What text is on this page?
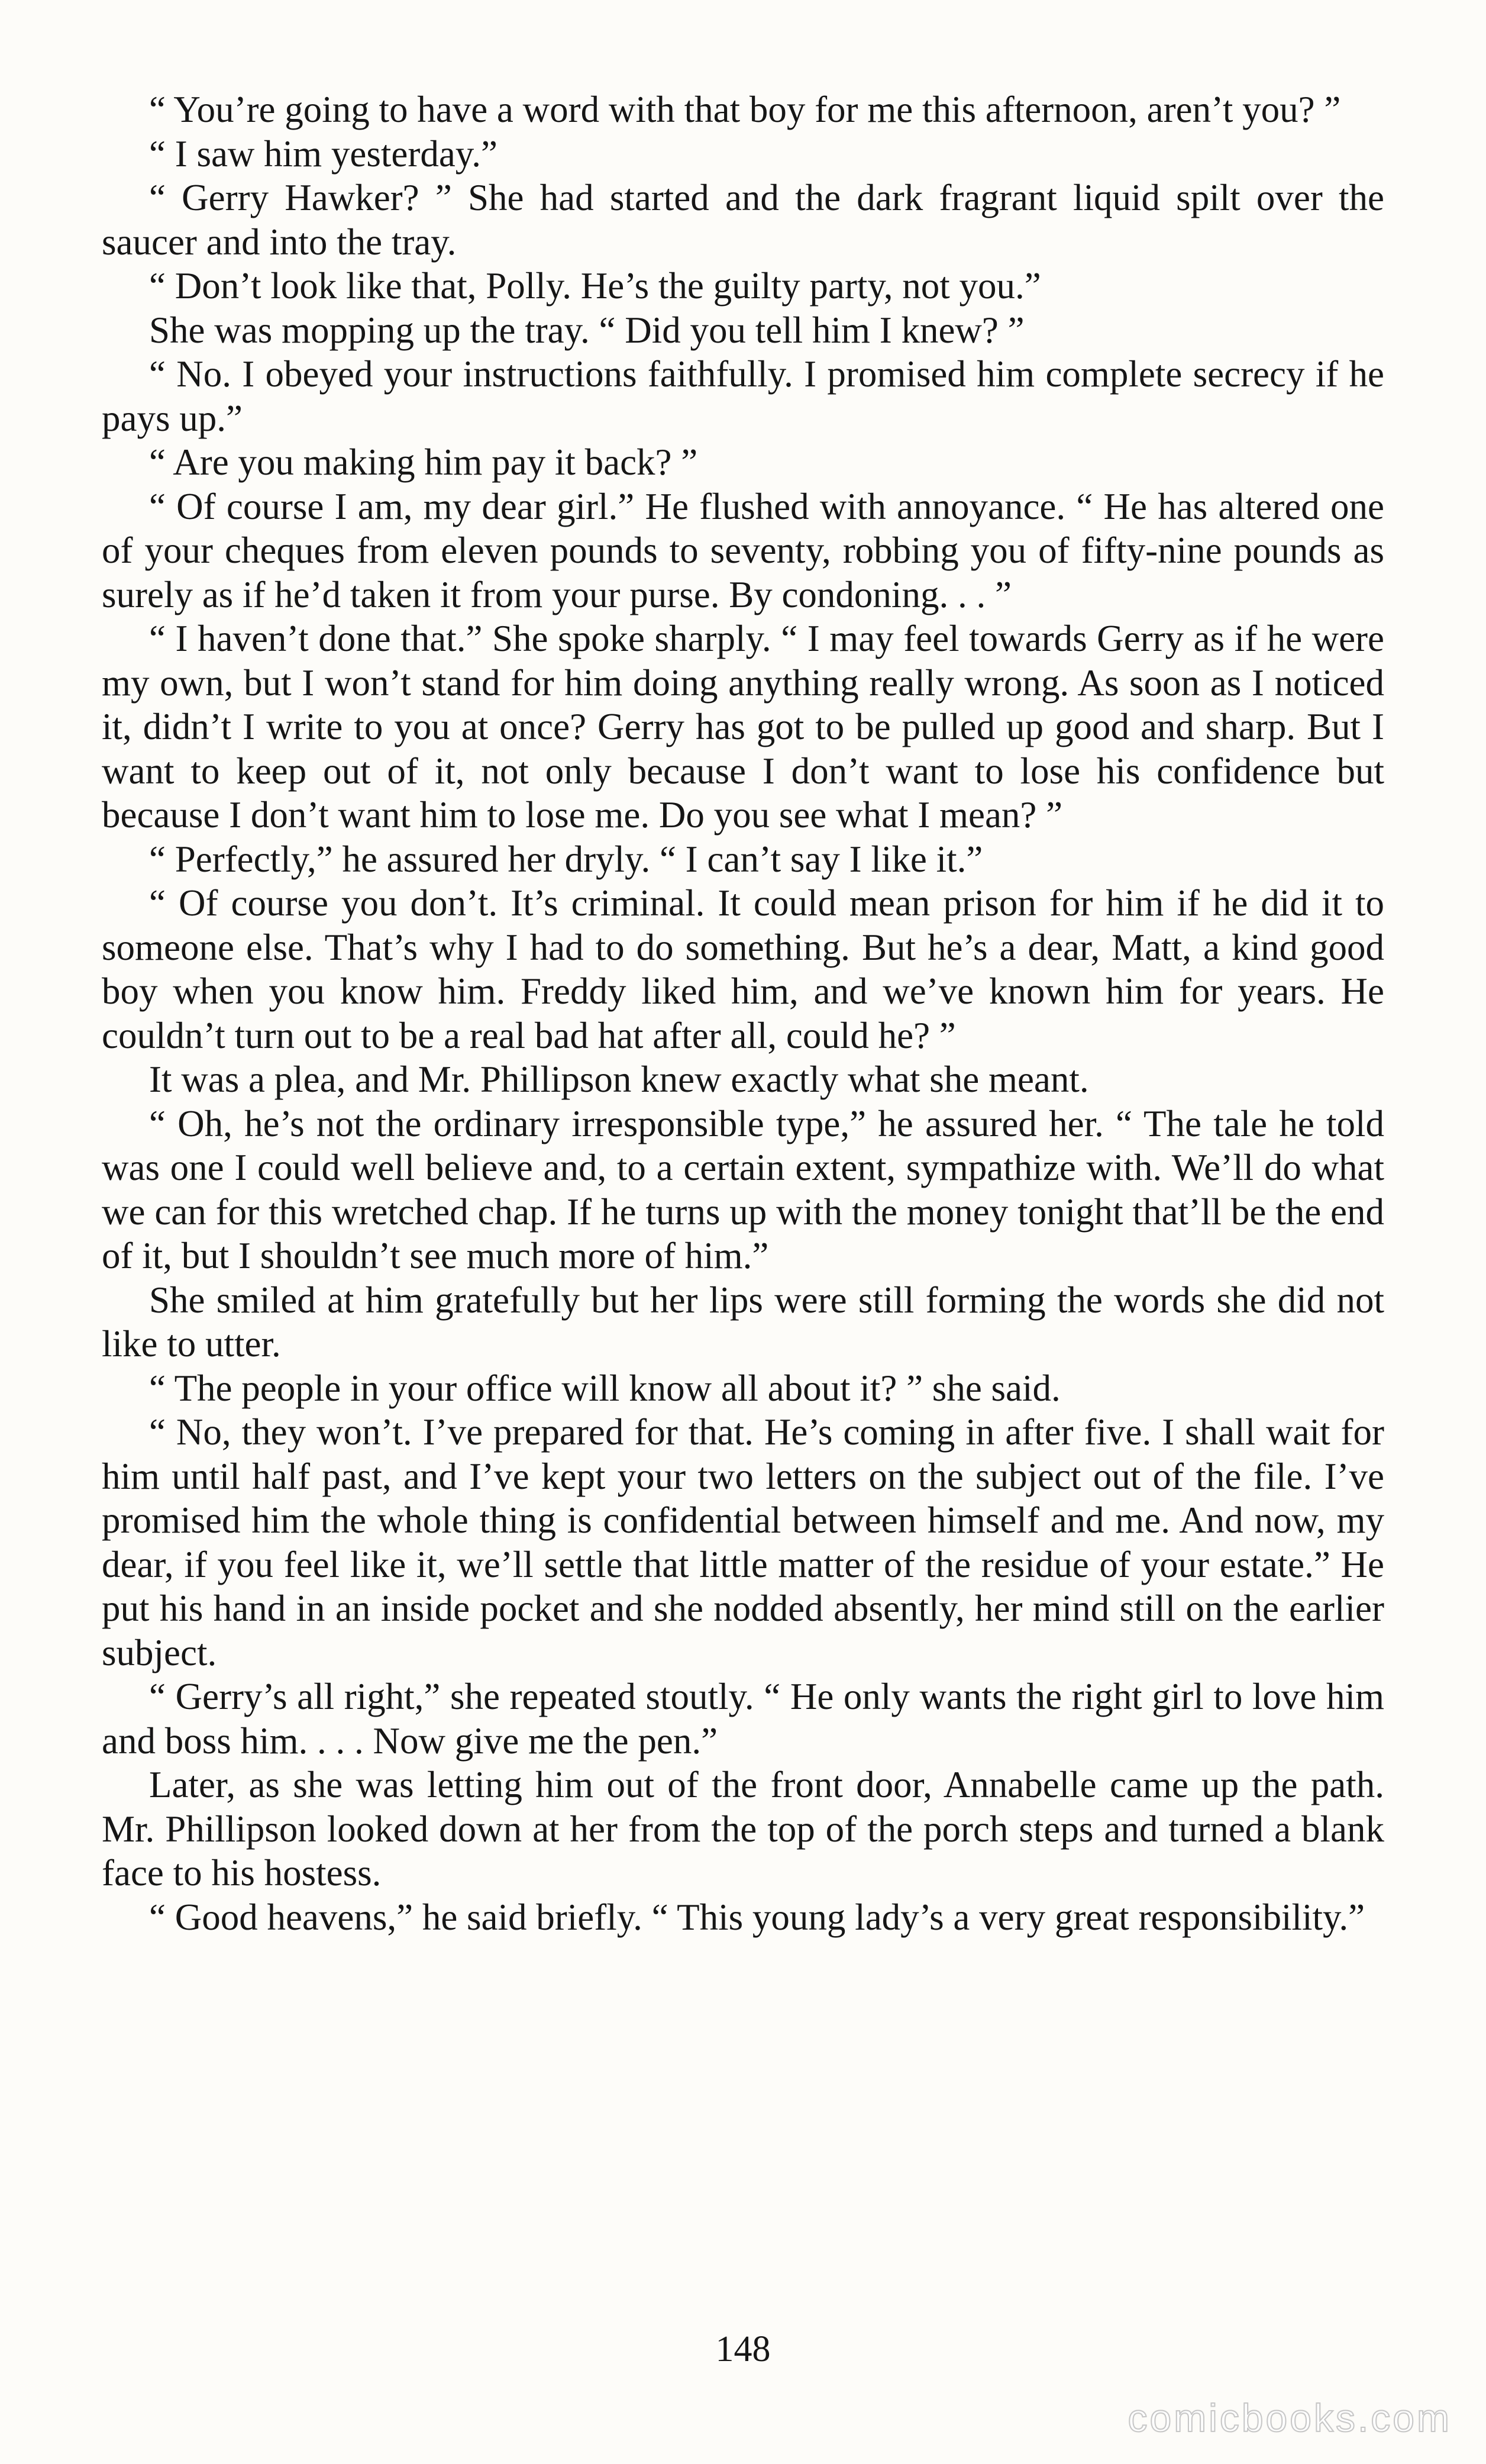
“ You’re going to have a word with that boy for me this afternoon, aren’t you? ”

“ I saw him yesterday.”

“ Gerry Hawker? ” She had started and the dark fragrant liquid spilt over the saucer and into the tray.

“ Don’t look like that, Polly. He’s the guilty party, not you.”

She was mopping up the tray. “ Did you tell him I knew? ”

“ No. I obeyed your instructions faithfully. I promised him complete secrecy if he pays up.”

“ Are you making him pay it back? ”

“ Of course I am, my dear girl.” He flushed with annoyance. “ He has altered one of your cheques from eleven pounds to seventy, robbing you of fifty-nine pounds as surely as if he’d taken it from your purse. By condoning. . . ”

“ I haven’t done that.” She spoke sharply. “ I may feel towards Gerry as if he were my own, but I won’t stand for him doing anything really wrong. As soon as I noticed it, didn’t I write to you at once? Gerry has got to be pulled up good and sharp. But I want to keep out of it, not only because I don’t want to lose his confidence but because I don’t want him to lose me. Do you see what I mean? ”

“ Perfectly,” he assured her dryly. “ I can’t say I like it.”

“ Of course you don’t. It’s criminal. It could mean prison for him if he did it to someone else. That’s why I had to do something. But he’s a dear, Matt, a kind good boy when you know him. Freddy liked him, and we’ve known him for years. He couldn’t turn out to be a real bad hat after all, could he? ”

It was a plea, and Mr. Phillipson knew exactly what she meant.

“ Oh, he’s not the ordinary irresponsible type,” he assured her. “ The tale he told was one I could well believe and, to a certain extent, sympathize with. We’ll do what we can for this wretched chap. If he turns up with the money tonight that’ll be the end of it, but I shouldn’t see much more of him.”

She smiled at him gratefully but her lips were still forming the words she did not like to utter.

“ The people in your office will know all about it? ” she said.

“ No, they won’t. I’ve prepared for that. He’s coming in after five. I shall wait for him until half past, and I’ve kept your two letters on the subject out of the file. I’ve promised him the whole thing is confidential between himself and me. And now, my dear, if you feel like it, we’ll settle that little matter of the residue of your estate.” He put his hand in an inside pocket and she nodded absently, her mind still on the earlier subject.

“ Gerry’s all right,” she repeated stoutly. “ He only wants the right girl to love him and boss him. . . . Now give me the pen.”

Later, as she was letting him out of the front door, Annabelle came up the path. Mr. Phillipson looked down at her from the top of the porch steps and turned a blank face to his hostess.

“ Good heavens,” he said briefly. “ This young lady’s a very great responsibility.”

148

comicbooks.com
